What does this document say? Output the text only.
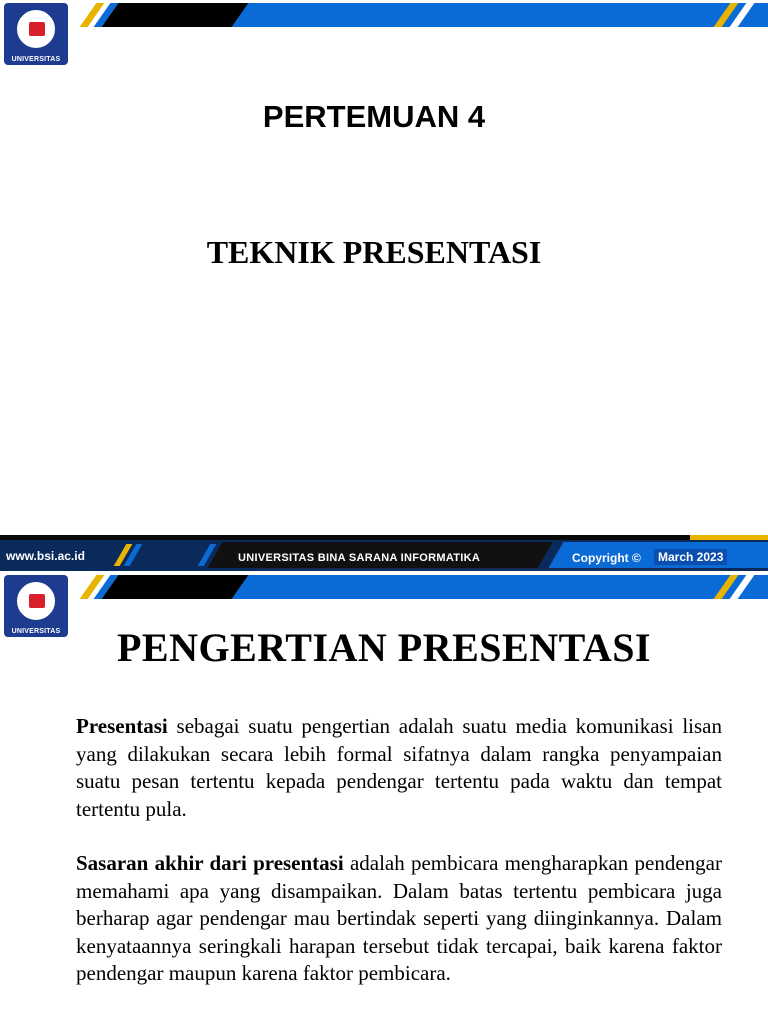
UNIVERSITAS
PERTEMUAN 4
TEKNIK PRESENTASI
www.bsi.ac.id	UNIVERSITAS BINA SARANA INFORMATIKA	Copyright ©	March 2023
UNIVERSITAS	PENGERTIAN PRESENTASI
Presentasi sebagai suatu pengertian adalah suatu media komunikasi lisan yang dilakukan secara lebih formal sifatnya dalam rangka penyampaian suatu pesan tertentu kepada pendengar tertentu pada waktu dan tempat tertentu pula.
Sasaran akhir dari presentasi adalah pembicara mengharapkan pendengar memahami apa yang disampaikan. Dalam batas tertentu pembicara juga berharap agar pendengar mau bertindak seperti yang diinginkannya. Dalam kenyataannya seringkali harapan tersebut tidak tercapai, baik karena faktor pendengar maupun karena faktor pembicara.
